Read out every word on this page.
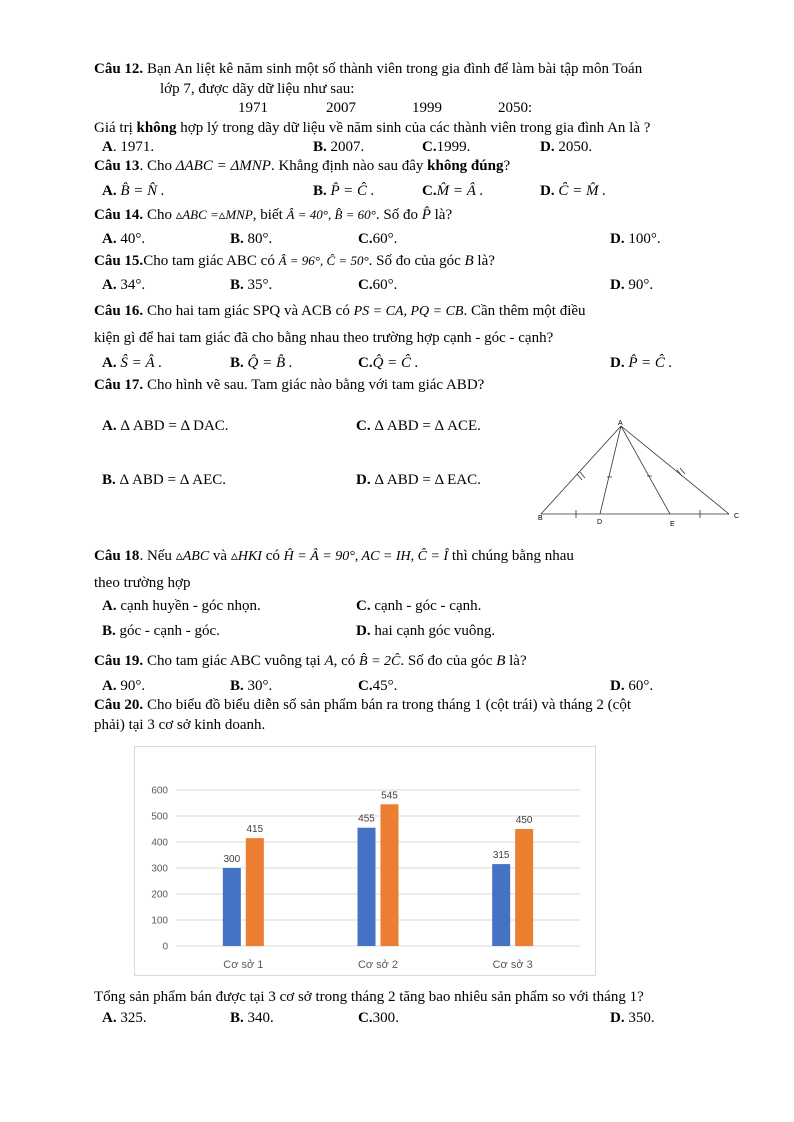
Câu 12. Bạn An liệt kê năm sinh một số thành viên trong gia đình để làm bài tập môn Toán
lớp 7, được dãy dữ liệu như sau:
1971	2007	1999	2050:
Giá trị không hợp lý trong dãy dữ liệu về năm sinh của các thành viên trong gia đình An là ?
A. 1971.	B. 2007.	C.1999.	D. 2050.
Câu 13. Cho ΔABC = ΔMNP. Khẳng định nào sau đây không đúng?
A. B̂ = N̂ .	B. P̂ = Ĉ .	C.M̂ = Â .	D. Ĉ = M̂ .
Câu 14. Cho ▵ABC =▵MNP, biết Â = 40°, B̂ = 60°. Số đo P̂ là?
A. 40°.	B. 80°.	C.60°.	D. 100°.
Câu 15.Cho tam giác ABC có Â = 96°, Ĉ = 50°. Số đo của góc B là?
A. 34°.	B. 35°.	C.60°.	D. 90°.
Câu 16. Cho hai tam giác SPQ và ACB có PS = CA, PQ = CB. Cần thêm một điều
kiện gì để hai tam giác đã cho bằng nhau theo trường hợp cạnh - góc - cạnh?
A. Ŝ = Â .	B. Q̂ = B̂ .	C.Q̂ = Ĉ .	D. P̂ = Ĉ .
Câu 17. Cho hình vẽ sau. Tam giác nào bằng với tam giác ABD?
A. Δ ABD = Δ DAC.	C. Δ ABD = Δ ACE.
B. Δ ABD = Δ AEC.	D. Δ ABD = Δ EAC.
A
B
D	E
C
Câu 18. Nếu ▵ABC và ▵HKI có Ĥ = Â = 90°, AC = IH, Ĉ = Î thì chúng bằng nhau
theo trường hợp
A. cạnh huyền - góc nhọn.	C. cạnh - góc - cạnh.
B. góc - cạnh - góc.	D. hai cạnh góc vuông.
Câu 19. Cho tam giác ABC vuông tại A, có B̂ = 2Ĉ. Số đo của góc B là?
A. 90°.	B. 30°.	C.45°.	D. 60°.
Câu 20. Cho biểu đồ biểu diễn số sản phẩm bán ra trong tháng 1 (cột trái) và tháng 2 (cột
phải) tại 3 cơ sở kinh doanh.
0
100
200
300
400
500
600
300
415
455
545
315
450
Cơ sở 1	Cơ sở 2	Cơ sở 3
Tổng sản phẩm bán được tại 3 cơ sở trong tháng 2 tăng bao nhiêu sản phẩm so với tháng 1?
A. 325.	B. 340.	C.300.	D. 350.
